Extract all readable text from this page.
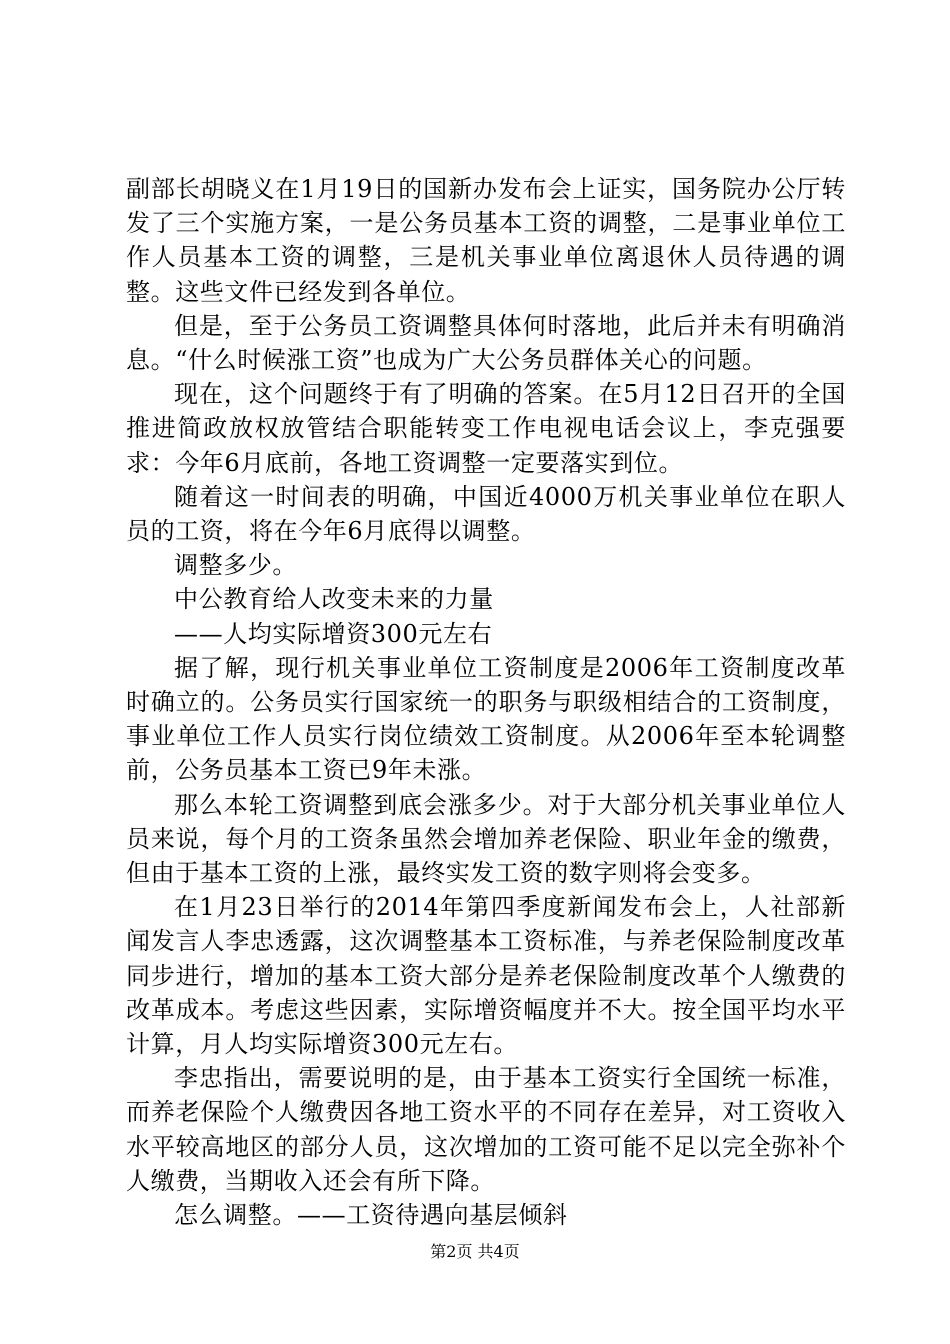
副部长胡晓义在1月19日的国新办发布会上证实，国务院办公厅转发了三个实施方案，一是公务员基本工资的调整，二是事业单位工作人员基本工资的调整，三是机关事业单位离退休人员待遇的调整。这些文件已经发到各单位。

但是，至于公务员工资调整具体何时落地，此后并未有明确消息。“什么时候涨工资”也成为广大公务员群体关心的问题。

现在，这个问题终于有了明确的答案。在5月12日召开的全国推进简政放权放管结合职能转变工作电视电话会议上，李克强要求：今年6月底前，各地工资调整一定要落实到位。

随着这一时间表的明确，中国近4000万机关事业单位在职人员的工资，将在今年6月底得以调整。

调整多少。

中公教育给人改变未来的力量

——人均实际增资300元左右

据了解，现行机关事业单位工资制度是2006年工资制度改革时确立的。公务员实行国家统一的职务与职级相结合的工资制度，事业单位工作人员实行岗位绩效工资制度。从2006年至本轮调整前，公务员基本工资已9年未涨。

那么本轮工资调整到底会涨多少。对于大部分机关事业单位人员来说，每个月的工资条虽然会增加养老保险、职业年金的缴费，但由于基本工资的上涨，最终实发工资的数字则将会变多。

在1月23日举行的2014年第四季度新闻发布会上，人社部新闻发言人李忠透露，这次调整基本工资标准，与养老保险制度改革同步进行，增加的基本工资大部分是养老保险制度改革个人缴费的改革成本。考虑这些因素，实际增资幅度并不大。按全国平均水平计算，月人均实际增资300元左右。

李忠指出，需要说明的是，由于基本工资实行全国统一标准，而养老保险个人缴费因各地工资水平的不同存在差异，对工资收入水平较高地区的部分人员，这次增加的工资可能不足以完全弥补个人缴费，当期收入还会有所下降。

怎么调整。——工资待遇向基层倾斜

第2页 共4页
